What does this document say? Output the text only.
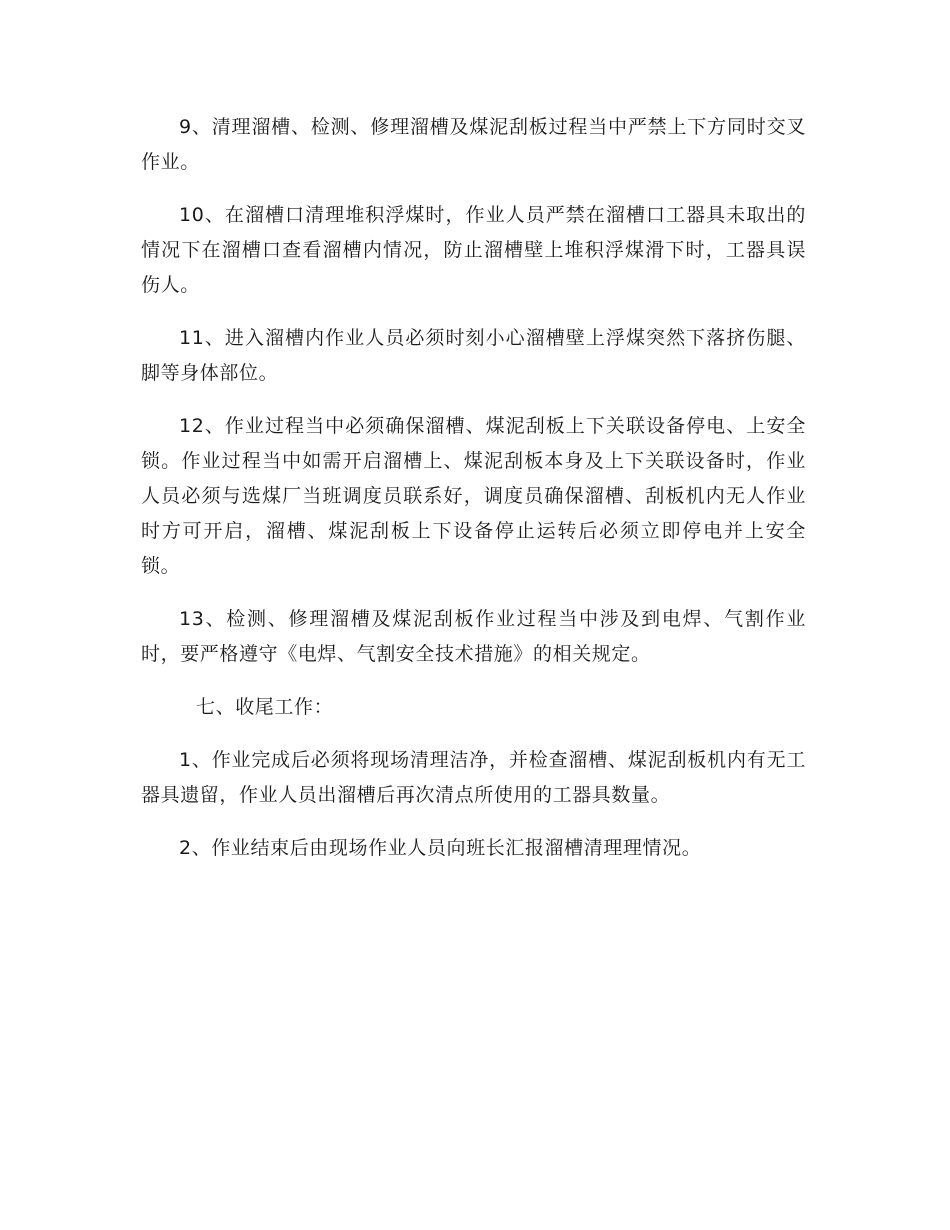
9、清理溜槽、检测、修理溜槽及煤泥刮板过程当中严禁上下方同时交叉作业。

10、在溜槽口清理堆积浮煤时，作业人员严禁在溜槽口工器具未取出的情况下在溜槽口查看溜槽内情况，防止溜槽壁上堆积浮煤滑下时，工器具误伤人。

11、进入溜槽内作业人员必须时刻小心溜槽壁上浮煤突然下落挤伤腿、脚等身体部位。

12、作业过程当中必须确保溜槽、煤泥刮板上下关联设备停电、上安全锁。作业过程当中如需开启溜槽上、煤泥刮板本身及上下关联设备时，作业人员必须与选煤厂当班调度员联系好，调度员确保溜槽、刮板机内无人作业时方可开启，溜槽、煤泥刮板上下设备停止运转后必须立即停电并上安全锁。

13、检测、修理溜槽及煤泥刮板作业过程当中涉及到电焊、气割作业时，要严格遵守《电焊、气割安全技术措施》的相关规定。

七、收尾工作：

1、作业完成后必须将现场清理洁净，并检查溜槽、煤泥刮板机内有无工器具遗留，作业人员出溜槽后再次清点所使用的工器具数量。

2、作业结束后由现场作业人员向班长汇报溜槽清理理情况。
